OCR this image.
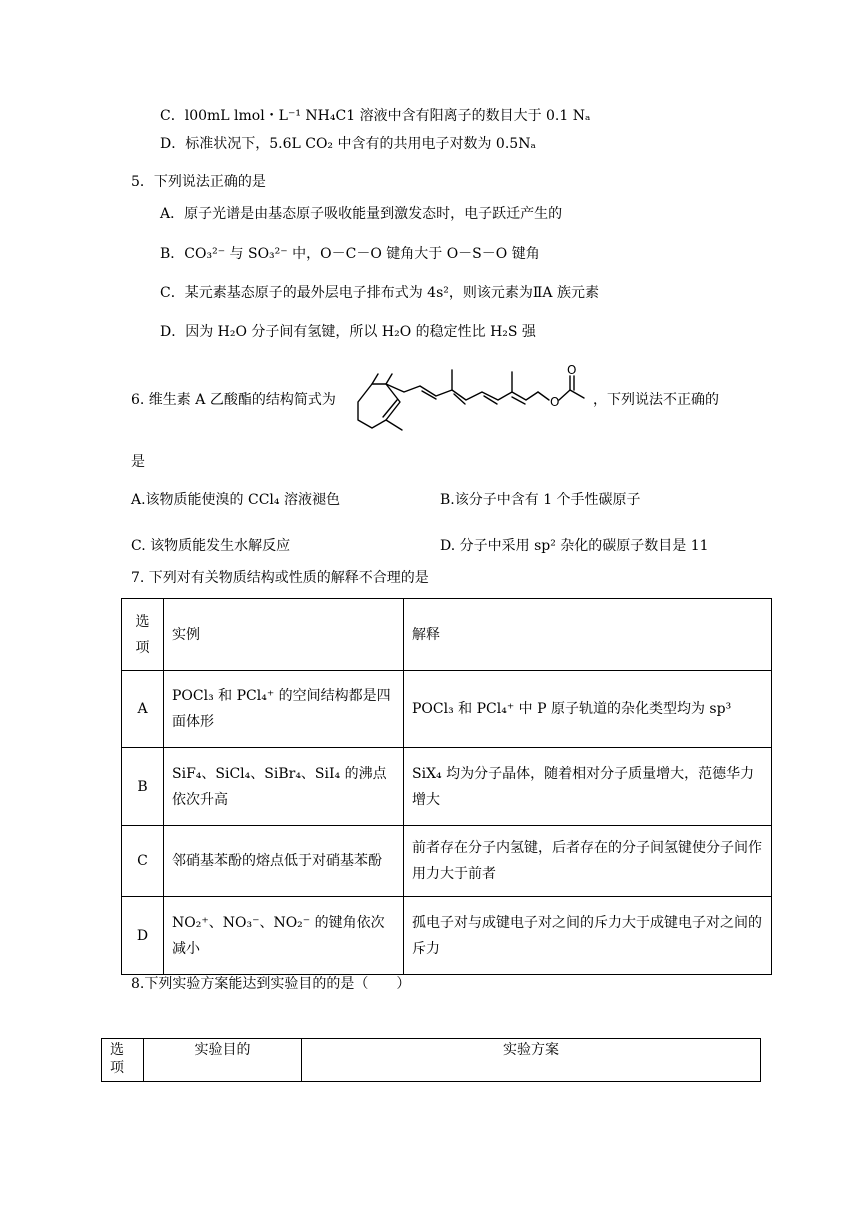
C．l00mL lmol・L⁻¹ NH₄C1 溶液中含有阳离子的数目大于 0.1 Nₐ
D．标准状况下，5.6L CO₂ 中含有的共用电子对数为 0.5Nₐ
5．下列说法正确的是
A．原子光谱是由基态原子吸收能量到激发态时，电子跃迁产生的
B．CO₃²⁻ 与 SO₃²⁻ 中，O－C－O 键角大于 O－S－O 键角
C．某元素基态原子的最外层电子排布式为 4s²，则该元素为ⅡA 族元素
D．因为 H₂O 分子间有氢键，所以 H₂O 的稳定性比 H₂S 强
6. 维生素 A 乙酸酯的结构简式为	O
O
，下列说法不正确的
是
A.该物质能使溴的 CCl₄ 溶液褪色	B.该分子中含有 1 个手性碳原子
C. 该物质能发生水解反应	D. 分子中采用 sp² 杂化的碳原子数目是 11
7. 下列对有关物质结构或性质的解释不合理的是
选项	实例	解释
A	POCl₃ 和 PCl₄⁺ 的空间结构都是四面体形	POCl₃ 和 PCl₄⁺ 中 P 原子轨道的杂化类型均为 sp³
B	SiF₄、SiCl₄、SiBr₄、SiI₄ 的沸点依次升高	SiX₄ 均为分子晶体，随着相对分子质量增大，范德华力增大
C	邻硝基苯酚的熔点低于对硝基苯酚	前者存在分子内氢键，后者存在的分子间氢键使分子间作用力大于前者
D	NO₂⁺、NO₃⁻、NO₂⁻ 的键角依次减小	孤电子对与成键电子对之间的斥力大于成键电子对之间的斥力
8.下列实验方案能达到实验目的的是（　　）
选项	实验目的	实验方案
